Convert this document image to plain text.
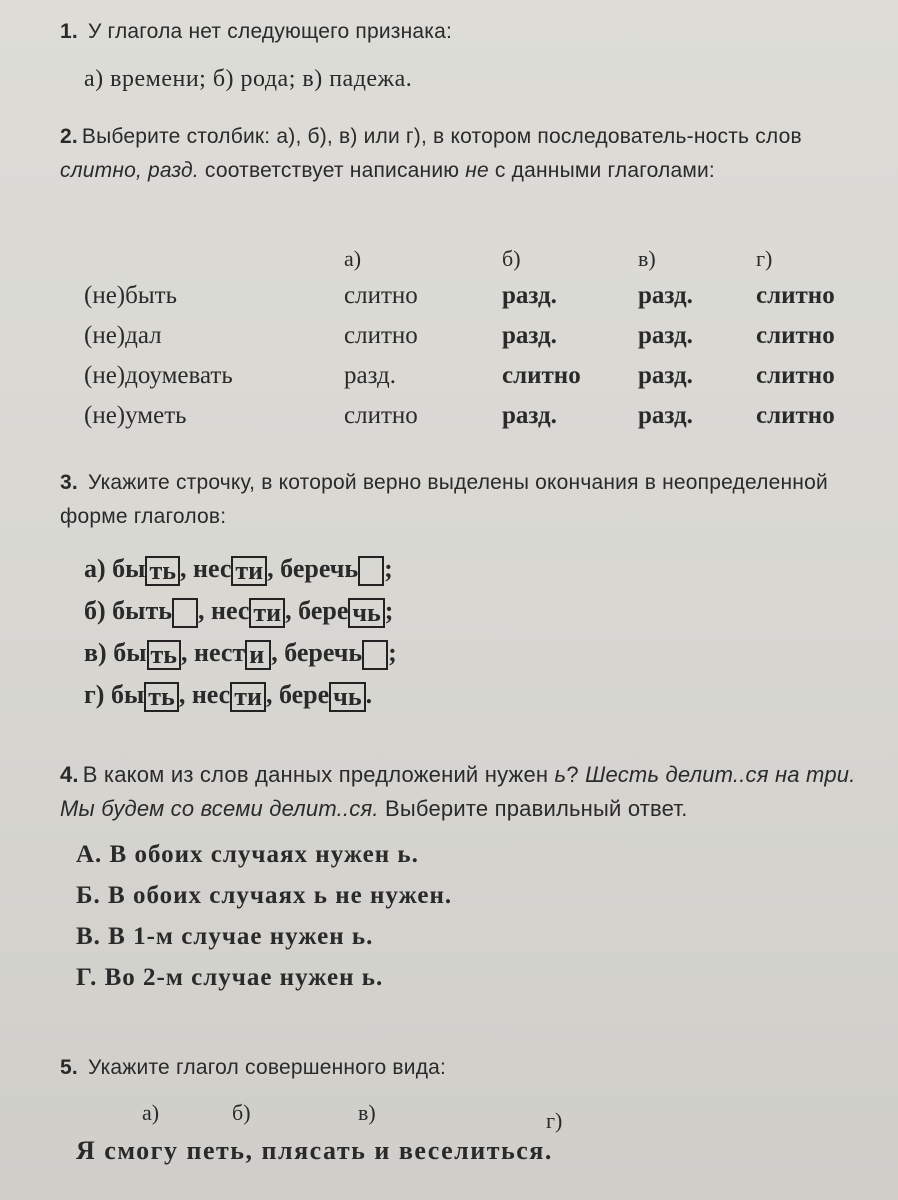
1. У глагола нет следующего признака:
а) времени; б) рода; в) падежа.
2. Выберите столбик: а), б), в) или г), в котором последователь-ность слов слитно, разд. соответствует написанию не с данными глаголами:
	а)	б)	в)	г)
(не)быть	слитно	разд.	разд.	слитно
(не)дал	слитно	разд.	разд.	слитно
(не)доумевать	разд.	слитно	разд.	слитно
(не)уметь	слитно	разд.	разд.	слитно
3. Укажите строчку, в которой верно выделены окончания в неопределенной форме глаголов:
а) бы ть , нес ти , беречь ;
б) быть , нес ти , бере чь ;
в) бы ть , нест и , беречь ;
г) бы ть , нес ти , бере чь .
4. В каком из слов данных предложений нужен ь? Шесть делит..ся на три. Мы будем со всеми делит..ся. Выберите правильный ответ.
А. В обоих случаях нужен ь.
Б. В обоих случаях ь не нужен.
В. В 1-м случае нужен ь.
Г. Во 2-м случае нужен ь.
5. Укажите глагол совершенного вида:
а)	б)	в)	г)
Я смогу петь, плясать и веселиться.
